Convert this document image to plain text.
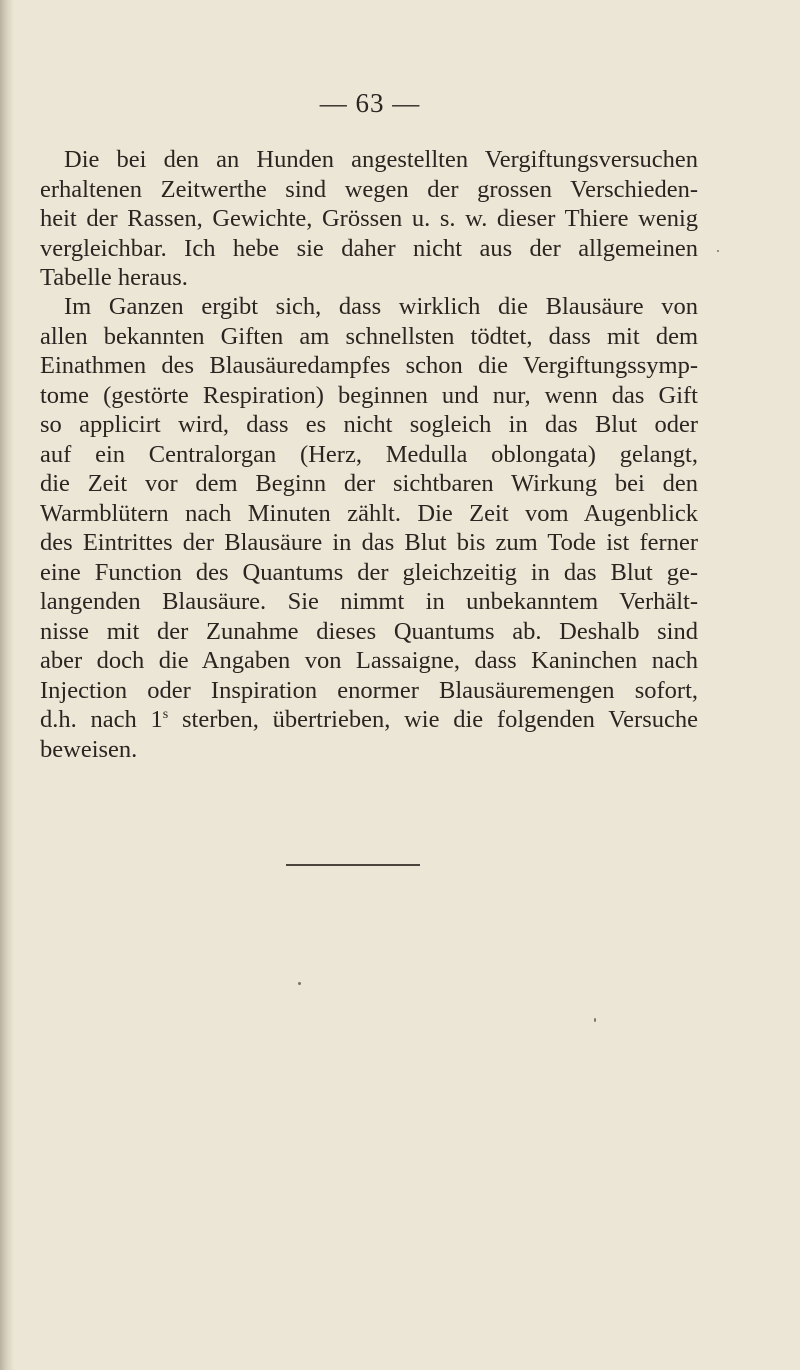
— 63 —
Die bei den an Hunden angestellten Vergiftungsversuchen
erhaltenen Zeitwerthe sind wegen der grossen Verschieden-
heit der Rassen, Gewichte, Grössen u. s. w. dieser Thiere wenig
vergleichbar. Ich hebe sie daher nicht aus der allgemeinen
Tabelle heraus.
Im Ganzen ergibt sich, dass wirklich die Blausäure von
allen bekannten Giften am schnellsten tödtet, dass mit dem
Einathmen des Blausäuredampfes schon die Vergiftungssymp-
tome (gestörte Respiration) beginnen und nur, wenn das Gift
so applicirt wird, dass es nicht sogleich in das Blut oder
auf ein Centralorgan (Herz, Medulla oblongata) gelangt,
die Zeit vor dem Beginn der sichtbaren Wirkung bei den
Warmblütern nach Minuten zählt. Die Zeit vom Augenblick
des Eintrittes der Blausäure in das Blut bis zum Tode ist ferner
eine Function des Quantums der gleichzeitig in das Blut ge-
langenden Blausäure. Sie nimmt in unbekanntem Verhält-
nisse mit der Zunahme dieses Quantums ab. Deshalb sind
aber doch die Angaben von Lassaigne, dass Kaninchen nach
Injection oder Inspiration enormer Blausäuremengen sofort,
d.h. nach 1$^s$ sterben, übertrieben, wie die folgenden Versuche
beweisen.
